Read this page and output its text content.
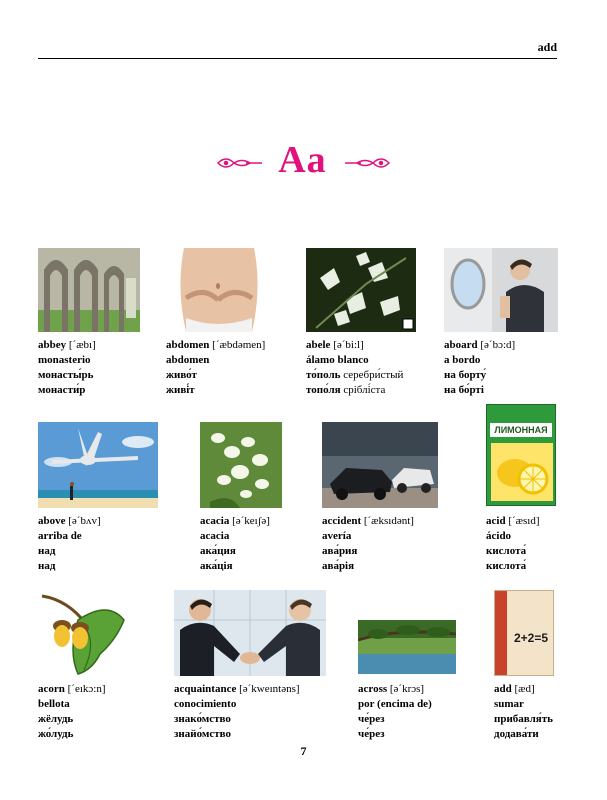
add
Aa
abbey [ˊæbı]
monasterio
монасты́рь
монасти́р
abdomen [ˊæbdəmen]
abdomen
живо́т
живі́т
abele [əˊbi:l]
álamo blanco
то́поль серебри́стый
топо́ля сріблі́ста
aboard [əˊbɔ:d]
a bordo
на борту́
на бо́рті
above [əˊbʌv]
arriba de
над
над
acacia [əˊkeıʃə]
acacia
ака́ция
ака́ція
accident [ˊæksıdənt]
avería
ава́рия
ава́рія
ЛИМОННАЯ
acid [ˊæsıd]
ácido
кислота́
кислота́
acorn [ˊeıkɔ:n]
bellota
жёлудь
жо́лудь
acquaintance [əˊkweıntəns]
conocimiento
знако́мство
знайо́мство
across [əˊkrɔs]
por (encima de)
че́рез
че́рез
2+2=5
add [æd]
sumar
прибавля́ть
додава́ти
7
